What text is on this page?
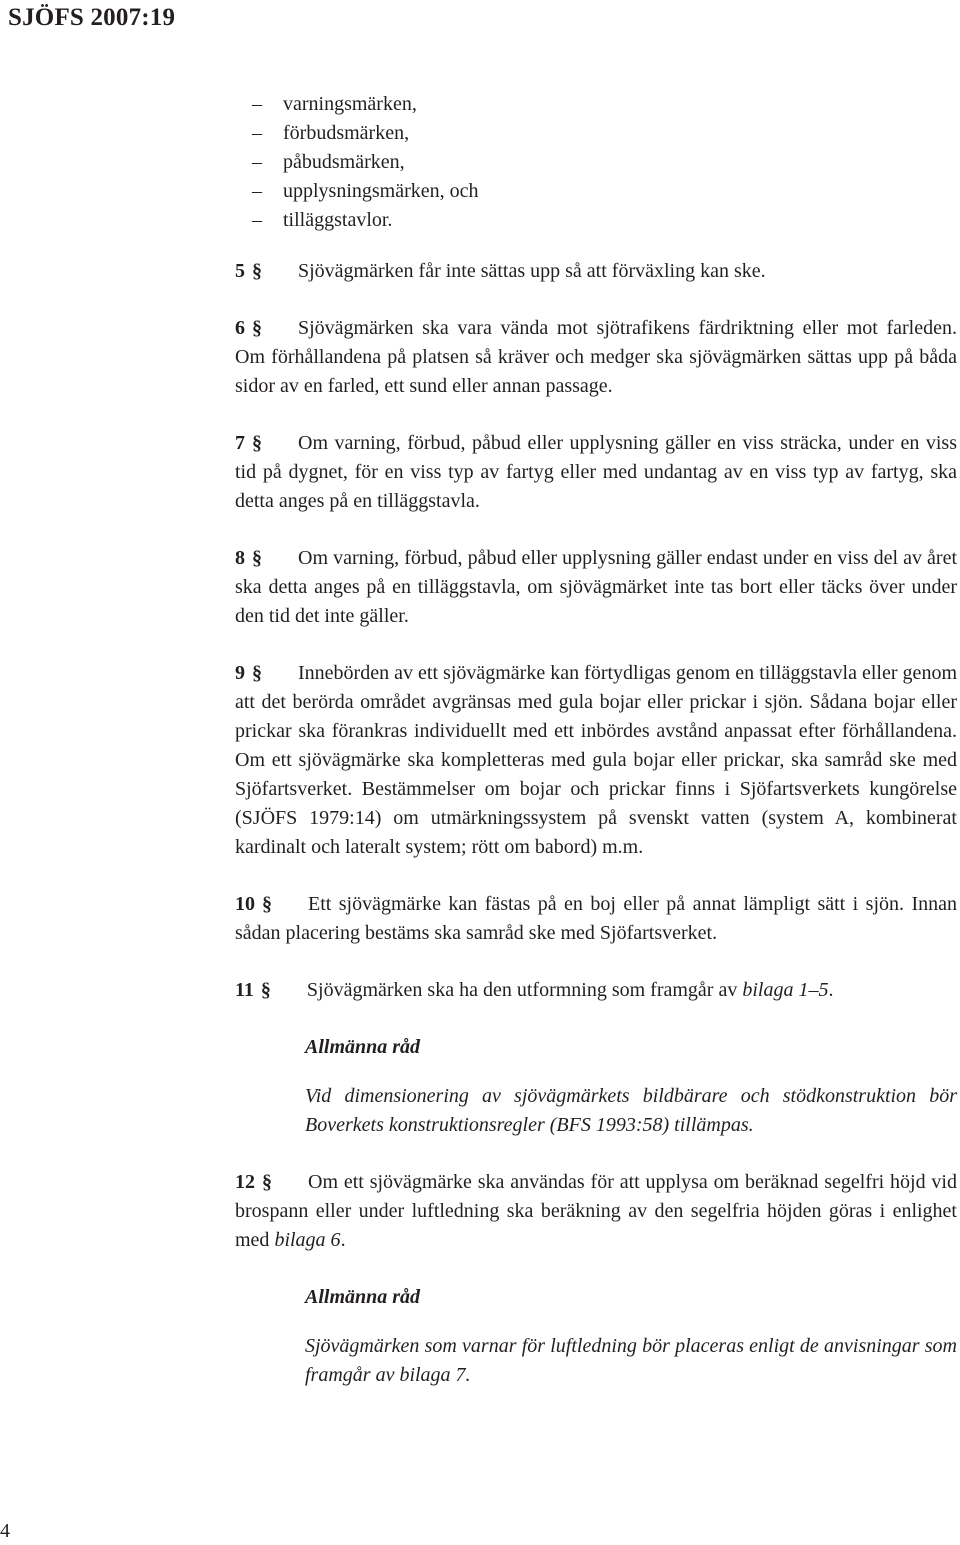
SJÖFS 2007:19
– varningsmärken,
– förbudsmärken,
– påbudsmärken,
– upplysningsmärken, och
– tilläggstavlor.

5 § Sjövägmärken får inte sättas upp så att förväxling kan ske.

6 § Sjövägmärken ska vara vända mot sjötrafikens färdriktning eller mot farleden. Om förhållandena på platsen så kräver och medger ska sjövägmärken sättas upp på båda sidor av en farled, ett sund eller annan passage.

7 § Om varning, förbud, påbud eller upplysning gäller en viss sträcka, under en viss tid på dygnet, för en viss typ av fartyg eller med undantag av en viss typ av fartyg, ska detta anges på en tilläggstavla.

8 § Om varning, förbud, påbud eller upplysning gäller endast under en viss del av året ska detta anges på en tilläggstavla, om sjövägmärket inte tas bort eller täcks över under den tid det inte gäller.

9 § Innebörden av ett sjövägmärke kan förtydligas genom en tilläggstavla eller genom att det berörda området avgränsas med gula bojar eller prickar i sjön. Sådana bojar eller prickar ska förankras individuellt med ett inbördes avstånd anpassat efter förhållandena. Om ett sjövägmärke ska kompletteras med gula bojar eller prickar, ska samråd ske med Sjöfartsverket. Bestämmelser om bojar och prickar finns i Sjöfartsverkets kungörelse (SJÖFS 1979:14) om utmärkningssystem på svenskt vatten (system A, kombinerat kardinalt och lateralt system; rött om babord) m.m.

10 § Ett sjövägmärke kan fästas på en boj eller på annat lämpligt sätt i sjön. Innan sådan placering bestäms ska samråd ske med Sjöfartsverket.

11 § Sjövägmärken ska ha den utformning som framgår av bilaga 1–5.

Allmänna råd

Vid dimensionering av sjövägmärkets bildbärare och stödkonstruktion bör Boverkets konstruktionsregler (BFS 1993:58) tillämpas.

12 § Om ett sjövägmärke ska användas för att upplysa om beräknad segelfri höjd vid brospann eller under luftledning ska beräkning av den segelfria höjden göras i enlighet med bilaga 6.

Allmänna råd

Sjövägmärken som varnar för luftledning bör placeras enligt de anvisningar som framgår av bilaga 7.

4
